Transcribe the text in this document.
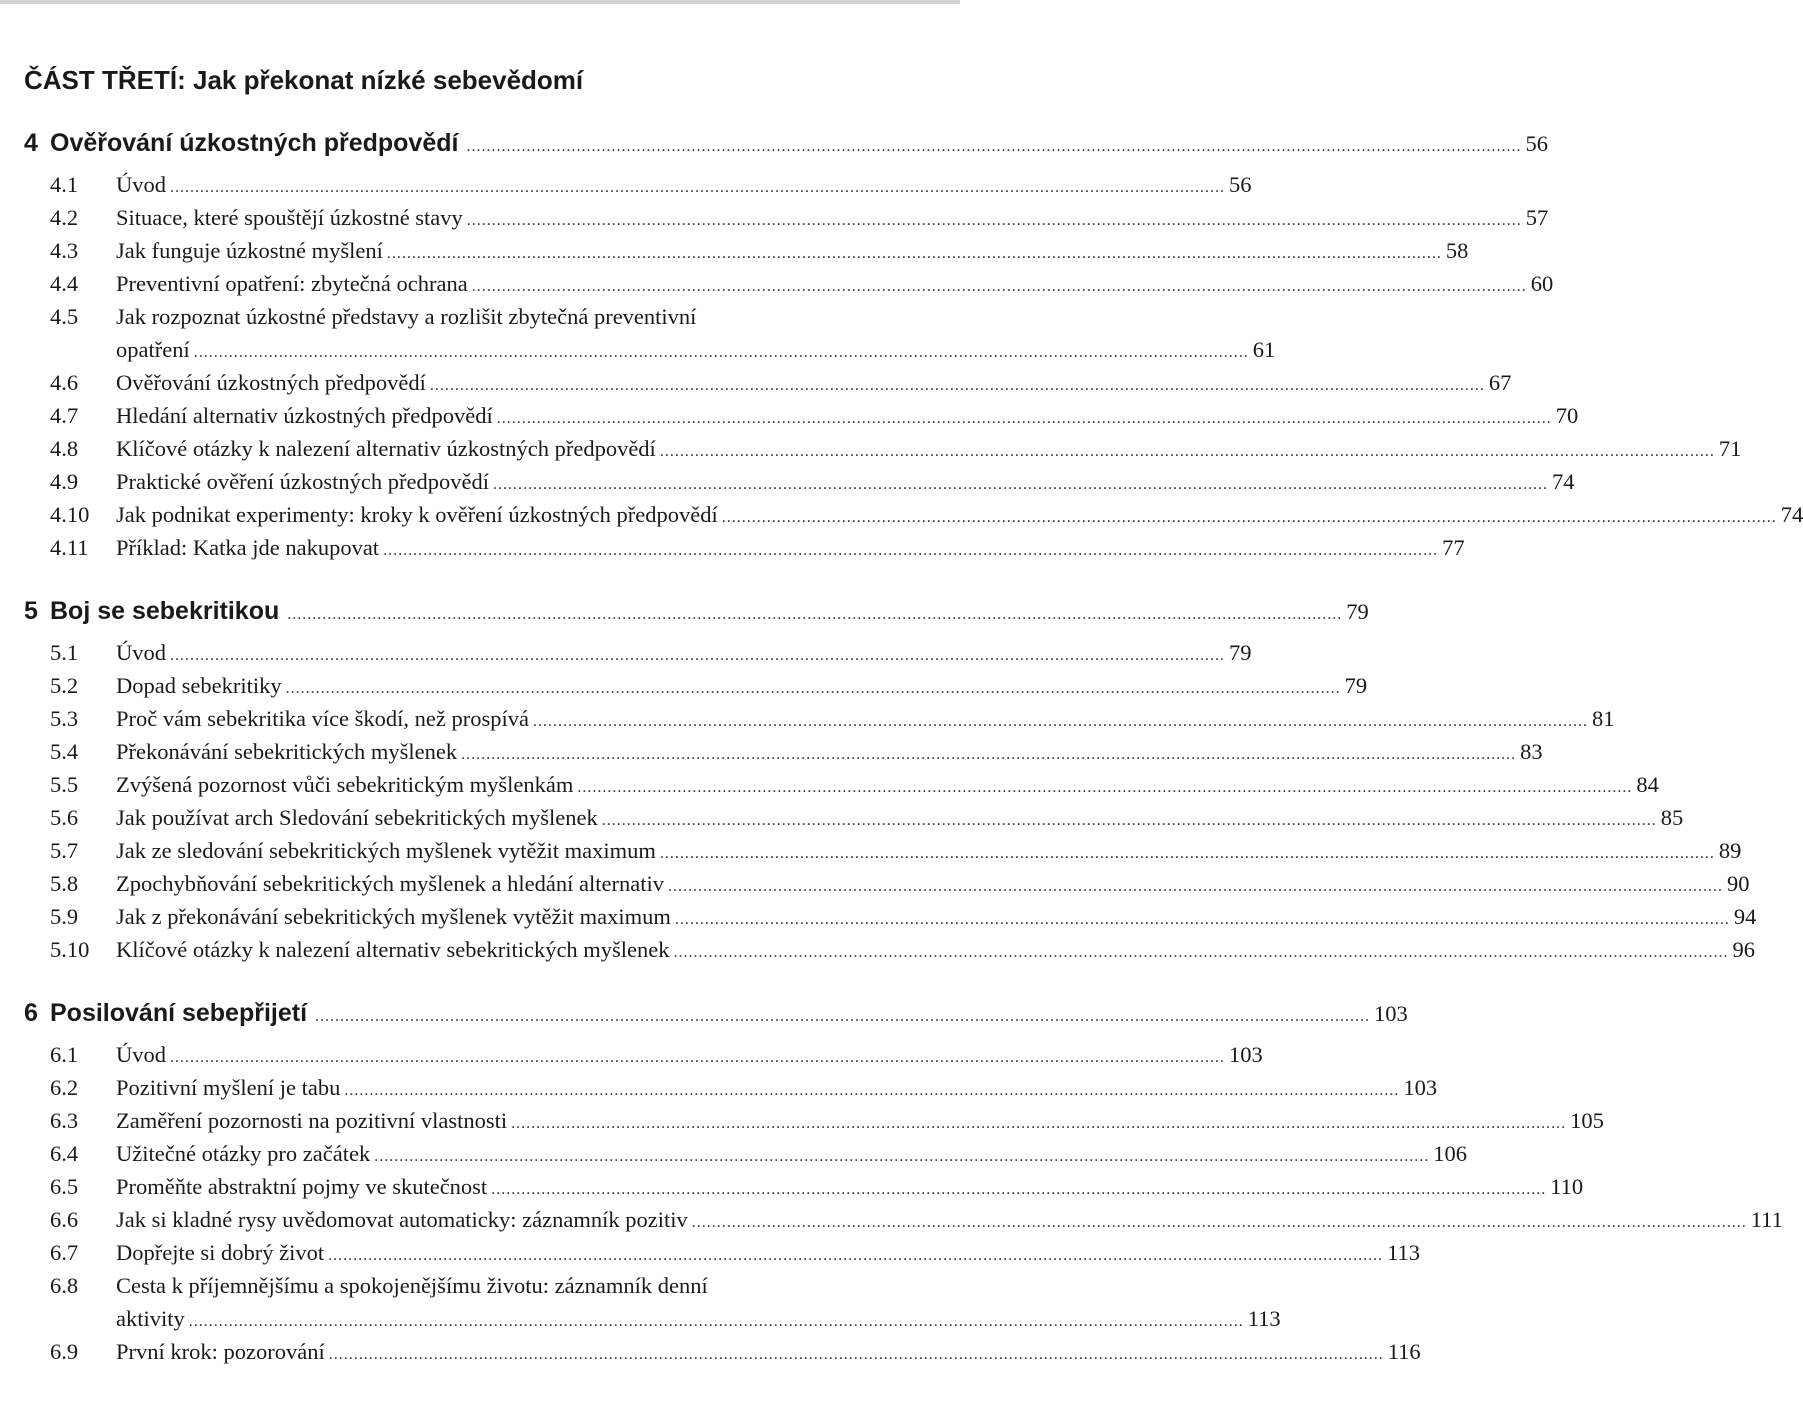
ČÁST TŘETÍ: Jak překonat nízké sebevědomí
4 Ověřování úzkostných předpovědí .....	56
4.1	Úvod .....	56
4.2	Situace, které spouštějí úzkostné stavy .....	57
4.3	Jak funguje úzkostné myšlení .....	58
4.4	Preventivní opatření: zbytečná ochrana .....	60
4.5	Jak rozpoznat úzkostné představy a rozlišit zbytečná preventivní
opatření .....	61
4.6	Ověřování úzkostných předpovědí .....	67
4.7	Hledání alternativ úzkostných předpovědí .....	70
4.8	Klíčové otázky k nalezení alternativ úzkostných předpovědí .....	71
4.9	Praktické ověření úzkostných předpovědí .....	74
4.10	Jak podnikat experimenty: kroky k ověření úzkostných předpovědí .....	74
4.11	Příklad: Katka jde nakupovat .....	77
5 Boj se sebekritikou .....	79
5.1	Úvod .....	79
5.2	Dopad sebekritiky .....	79
5.3	Proč vám sebekritika více škodí, než prospívá .....	81
5.4	Překonávání sebekritických myšlenek .....	83
5.5	Zvýšená pozornost vůči sebekritickým myšlenkám .....	84
5.6	Jak používat arch Sledování sebekritických myšlenek .....	85
5.7	Jak ze sledování sebekritických myšlenek vytěžit maximum .....	89
5.8	Zpochybňování sebekritických myšlenek a hledání alternativ .....	90
5.9	Jak z překonávání sebekritických myšlenek vytěžit maximum .....	94
5.10	Klíčové otázky k nalezení alternativ sebekritických myšlenek .....	96
6 Posilování sebepřijetí .....	103
6.1	Úvod .....	103
6.2	Pozitivní myšlení je tabu .....	103
6.3	Zaměření pozornosti na pozitivní vlastnosti .....	105
6.4	Užitečné otázky pro začátek .....	106
6.5	Proměňte abstraktní pojmy ve skutečnost .....	110
6.6	Jak si kladné rysy uvědomovat automaticky: záznamník pozitiv .....	111
6.7	Dopřejte si dobrý život .....	113
6.8	Cesta k příjemnějšímu a spokojenějšímu životu: záznamník denní
aktivity .....	113
6.9	První krok: pozorování .....	116
